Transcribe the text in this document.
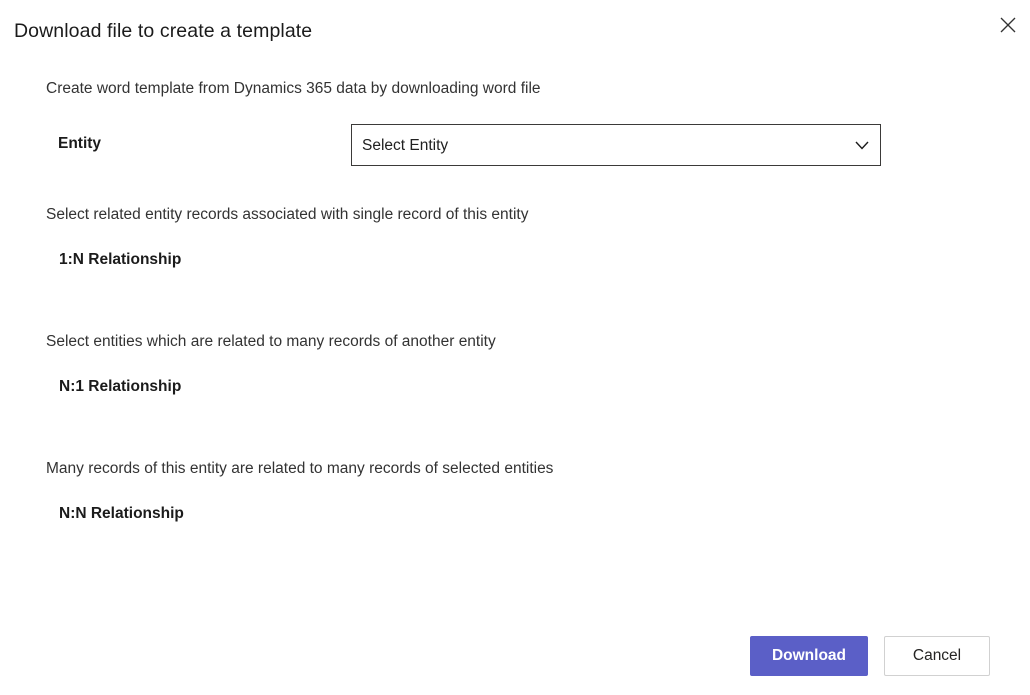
Download file to create a template
Create word template from Dynamics 365 data by downloading word file
Entity
Select Entity

Select related entity records associated with single record of this entity

1:N Relationship

Select entities which are related to many records of another entity

N:1 Relationship

Many records of this entity are related to many records of selected entities

N:N Relationship
Download	Cancel
